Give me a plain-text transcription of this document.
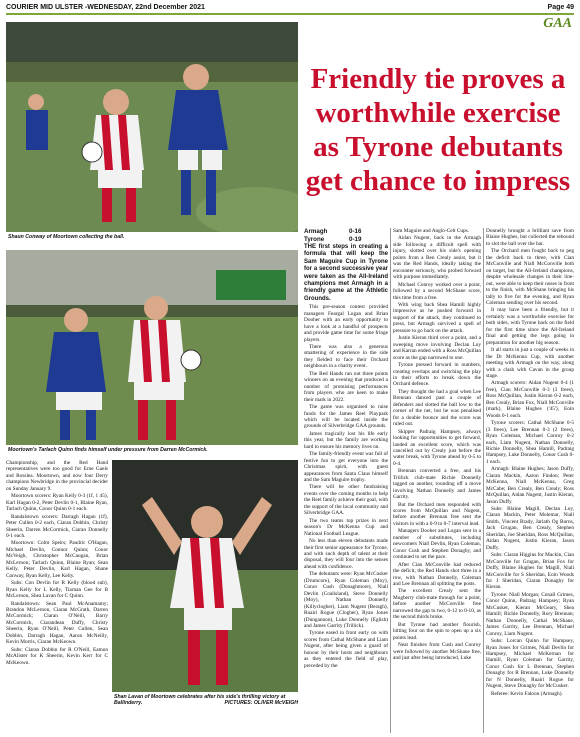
COURIER MID ULSTER -WEDNESDAY, 22nd December 2021	Page 49
GAA
Shaun Conway of Moortown collecting the ball.
Moortown's Tarlach Quinn finds himself under pressure from Darren McCormick.
Shan Lavan of Moortown celebrates after his side's thrilling victory at Ballinderry.	PICTURES: OLIVER McVEIGH

Championship, and the Red Hand representatives were too good for Erne Gaels and Rosslea. Moortown, and now four Derry champions Newbridge in the provincial decider on Sunday January 9.

Moortown scorers: Ryan Kelly 0-3 (1f, 1 45), Karl Hagan 0-2, Peter Devlin 0-1, Blaine Ryan, Tarlach Quinn, Conor Quinn 0-1 each.

Randalstown scorers: Darragh Hagan (1f), Peter Cullen 0-2 each, Ciaran Dobbin, Christy Sheerin, Darren McCormick, Ciaran Donnelly 0-1 each.

Moortown: Colm Speirs; Paudric O'Hagan, Michael Devlin, Connor Quinn; Conor McVeigh, Christopher McCaugan, Brian McLernon; Tarlach Quinn, Blaine Ryan; Sean Kelly, Peter Devlin, Karl Hagan, Shane Conway, Ryan Kelly, Lee Kelly.

Subs: Con Devlin for R Kelly (blood sub), Ryan Kelly for L Kelly, Tiarnan Gee for B McLernon, Shea Lavan for C Quinn.

Randalstown: Sean Paul McAnamamy; Brandon McLernon, Ciaran McGrath, Darren McCormick; Ciaran O'Neill, Barry McCormick, Ciarandean Duffy, Christy Sheerin, Ryan O'Neill, Peter Cullen, Sean Dobbin, Darragh Hagan, Aaron McNeilly, Kevin Morris, Ciaran McKeown.

Subs: Ciaran Dobbin for R O'Neill, Eamon McAlister for K Sheerin, Kevin Kerr for C McKeown.

Friendly tie proves a worthwhile exercise as Tyrone debutants get chance to impress
Armagh	0-16
Tyrone	0-19

THE first steps in creating a formula that will keep the Sam Maguire Cup in Tyrone for a second successive year were taken as the All-Ireland champions met Armagh in a friendly game at the Athletic Grounds.

This pre-season contest provided managers Feargal Logan and Brian Dooher with an early opportunity to have a look at a handful of prospects and provide game time for some fringe players.

There was also a generous smattering of experience in the side they fielded to face their Orchard neighbours in a charity event.

The Red Hands ran out three points winners on an evening that produced a number of promising performances from players who are keen to make their mark in 2022.

The game was organised to raise funds for the James Reel Playpark which will be located inside the grounds of Silverbridge GAA grounds.

James tragically lost his life early this year, but the family are working hard to ensure his memory lives on.

The family-friendly event was full of festive fun to get everyone into the Christmas spirit, with guest appearances from Santa Claus himself and the Sam Maguire trophy.

There will be other fundraising events over the coming months to help the Reel family achieve their goal, with the support of the local community and Silverbridge GAA.

The two teams top prizes in next season's Dr McKenna Cup and National Football League.

No less than eleven debutants made their first senior appearance for Tyrone, and with such depth of talent at their disposal, they will four into the senses ahead with confidence.

The debutants were: Ryan McCusker (Drumcore), Ryan Coleman (Moy), Conor Cush (Donaghmore), Niall Devlin (Coalisland), Steve Donnelly (Moy), Nathan Donnelly (Killyclogher), Liam Nugent (Beragh), Ruairi Rogue (Clogher), Ryan Jones (Dungannon), Luke Donnelly (Eglish) and James Garrity (Trillick).

Tyrone eased in front early on with scores from Cathal McShane and Liam Nugent, after being given a guard of honour by their hosts and neighbours as they entered the field of play, preceded by the

Sam Maguire and Anglo-Celt Cups.

Aidan Nugent, back in the Armagh side following a difficult spell with injury, slotted over his side's opening points from a Ben Crealy assist, but it was the Red Hands, ideally taking the encounter seriously, who probed forward with purpose immediately.

Michael Conroy worked over a point, followed by a second McShane score, this time from a free.

With wing back Shea Hamill highly impressive as he pushed forward in support of the attack, they continued to press, but Armagh survived a spell of pressure to go back on the attack.

Justin Kieran third over a point, and a sweeping move involving Declan Loy and Karran ended with a Ross McQuillan score as the gap narrowed to one.

Tyrone pressed forward in numbers, creating overlaps and switching the play in their efforts to break down the Orchard defence.

They thought the had a goal when Lee Brennan danced past a couple of defenders and slotted the ball low to the corner of the net, but he was penalised for a double bounce and the score was ruled out.

Skipper Padraig Hampsey, always looking for opportunities to get forward, landed an excellent score, which was cancelled out by Crealy just before the water break, with Tyrone ahead by 0-5 to 0-4.

Brennan converted a free, and his Trillick club-mate Richie Donnelly tagged on another, rounding off a move involving Nathan Donnelly and James Garrity.

But the Orchard men responded with scores from McQuillan and Nugent, before another Brennan free sent the visitors in with a 0-9 to 0-7 interval lead.

Managers Dooher and Logan sent in a number of substitutes, including newcomers Niall Devlin, Ryan Coleman, Conor Cush and Stephen Donaghy, and continued to set the pace.

After Cian McConville had reduced the deficit, the Red Hands shot three in a row, with Nathan Donnelly, Coleman and Lee Brennan all splitting the posts.

The excellent Crealy sent the Mugberry club-mate through for a point, before another McConville free narrowed the gap to two, 0-12 to 0-10, as the second thirds broke.

But Tyrone had another flourish, hitting four on the spin to open up a six points lead.

Neat finishes from Cush and Conroy were followed by another McShane free, and just after being introduced, Luke

Donnelly brought a brilliant save from Blaine Hughes, but collected the rebound to slot the ball over the bar.

The Orchard men fought back to peg the deficit back to three, with Cian McConville and Niall McConville both on target, but the All-Ireland champions, despite wholesale changes in their line-out, were able to keep their noses in front to the finish, with McShane bringing his tally to five for the evening, and Ryan Coleman sending over his second.

It may have been a friendly, but it certainly was a worthwhile exercise for both sides, with Tyrone back on the field for the first time since the All-Ireland final and getting the legs going in preparation for another big season.

It all starts in just a couple of weeks in the Dr McKenna Cup, with another meeting with Armagh on the way, along with a clash with Cavan in the group stage.

Armagh scorers: Aidan Nugent 0-4 (1 free), Cian McConville 0-3 (3 frees), Ross McQuillan, Justin Kieran 0-2 each, Ben Crealy, Brian Fox, Niall McConville (mark), Blaine Hughes ('45'), Eoin Woods 0-1 each.

Tyrone scorers: Cathal McShane 0-5 (3 frees), Lee Brennan 0-3 (2 frees), Ryan Coleman, Michael Conroy 0-2 each, Liam Nugent, Nathan Donnelly, Richie Donnelly, Shea Hamill, Padraig Hampsey, Luke Donnelly, Conor Cush 0-1 each.

Armagh: Blaine Hughes; Jason Duffy, Ciaran Mackin, Aaron Findon; Peter McKenna, Niall McKenna, Greg McCabe; Ben Crealy, Ben Crealy; Ross McQuillan, Aidan Nugent, Justin Kieran, Jason Duffy.

Subs: Blaine Magill, Declan Loy, Ciaran Mackin, Peter Molemar, Niall Smith, Vincent Brady, Jarlath Og Burns, Jack Grugan, Ben Crealy, Stephen Sheridan, Joe Sheridan, Ross McQuillan, Aidan Nugent, Justin Kieran, Jason Duffy.

Subs: Ciaran Higgins for Mackin, Cian McConville for Grugan, Brian Fox for Duffy, Blaine Hughes for Magill, Niall McConville for S Sheridan, Eoin Woods for J Sheridan, Ciaran Donaghy for Kieran.

Tyrone: Niall Morgan; Conall Grimes, Conor Quinn, Padraig Hampsey; Ryan McCusker, Kieran McGeary, Shea Hamill; Richie Donnelly, Rory Brennan; Nathan Donnelly, Cathal McShane, James Garrity, Lee Brennan, Michael Conroy, Liam Nugent.

Subs: Lorcan Quinn for Hampsey, Ryan Jones for Grimes, Niall Devlin for Hampsey, Michael McKernan for Hamill, Ryan Coleman for Garrity, Conor Cush for L Brennan, Stephen Donaghy for R Brennan, Luke Donnelly for N Donnelly, Ruairi Rogue for Nugent, Steve Donaghy for McCusker.

Referee: Kevin Faloon (Armagh).
